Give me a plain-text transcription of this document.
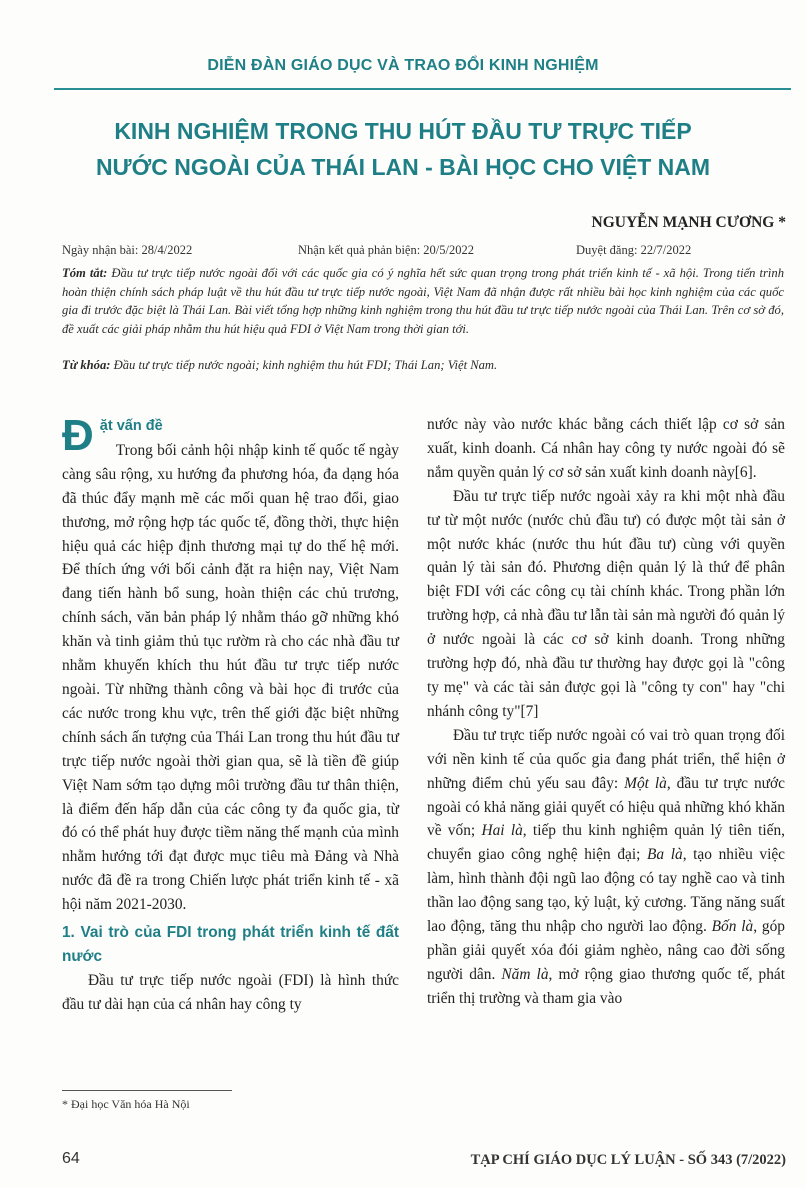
DIỄN ĐÀN GIÁO DỤC VÀ TRAO ĐỔI KINH NGHIỆM
KINH NGHIỆM TRONG THU HÚT ĐẦU TƯ TRỰC TIẾP
NƯỚC NGOÀI CỦA THÁI LAN - BÀI HỌC CHO VIỆT NAM
NGUYỄN MẠNH CƯƠNG *
Ngày nhận bài: 28/4/2022	Nhận kết quả phản biện: 20/5/2022	Duyệt đăng: 22/7/2022
Tóm tắt: Đầu tư trực tiếp nước ngoài đối với các quốc gia có ý nghĩa hết sức quan trọng trong phát triển kinh tế - xã hội. Trong tiến trình hoàn thiện chính sách pháp luật về thu hút đầu tư trực tiếp nước ngoài, Việt Nam đã nhận được rất nhiều bài học kinh nghiệm của các quốc gia đi trước đặc biệt là Thái Lan. Bài viết tổng hợp những kinh nghiệm trong thu hút đầu tư trực tiếp nước ngoài của Thái Lan. Trên cơ sở đó, đề xuất các giải pháp nhằm thu hút hiệu quả FDI ở Việt Nam trong thời gian tới.
Từ khóa: Đầu tư trực tiếp nước ngoài; kinh nghiệm thu hút FDI; Thái Lan; Việt Nam.

Đặt vấn đề

Trong bối cảnh hội nhập kinh tế quốc tế ngày càng sâu rộng, xu hướng đa phương hóa, đa dạng hóa đã thúc đẩy mạnh mẽ các mối quan hệ trao đổi, giao thương, mở rộng hợp tác quốc tế, đồng thời, thực hiện hiệu quả các hiệp định thương mại tự do thế hệ mới. Để thích ứng với bối cảnh đặt ra hiện nay, Việt Nam đang tiến hành bổ sung, hoàn thiện các chủ trương, chính sách, văn bản pháp lý nhằm tháo gỡ những khó khăn và tinh giảm thủ tục rườm rà cho các nhà đầu tư nhằm khuyến khích thu hút đầu tư trực tiếp nước ngoài. Từ những thành công và bài học đi trước của các nước trong khu vực, trên thế giới đặc biệt những chính sách ấn tượng của Thái Lan trong thu hút đầu tư trực tiếp nước ngoài thời gian qua, sẽ là tiền đề giúp Việt Nam sớm tạo dựng môi trường đầu tư thân thiện, là điểm đến hấp dẫn của các công ty đa quốc gia, từ đó có thể phát huy được tiềm năng thế mạnh của mình nhằm hướng tới đạt được mục tiêu mà Đảng và Nhà nước đã đề ra trong Chiến lược phát triển kinh tế - xã hội năm 2021-2030.

1. Vai trò của FDI trong phát triển kinh tế đất nước

Đầu tư trực tiếp nước ngoài (FDI) là hình thức đầu tư dài hạn của cá nhân hay công ty

nước này vào nước khác bằng cách thiết lập cơ sở sản xuất, kinh doanh. Cá nhân hay công ty nước ngoài đó sẽ nắm quyền quản lý cơ sở sản xuất kinh doanh này[6].

Đầu tư trực tiếp nước ngoài xảy ra khi một nhà đầu tư từ một nước (nước chủ đầu tư) có được một tài sản ở một nước khác (nước thu hút đầu tư) cùng với quyền quản lý tài sản đó. Phương diện quản lý là thứ để phân biệt FDI với các công cụ tài chính khác. Trong phần lớn trường hợp, cả nhà đầu tư lẫn tài sản mà người đó quản lý ở nước ngoài là các cơ sở kinh doanh. Trong những trường hợp đó, nhà đầu tư thường hay được gọi là "công ty mẹ" và các tài sản được gọi là "công ty con" hay "chi nhánh công ty"[7]

Đầu tư trực tiếp nước ngoài có vai trò quan trọng đối với nền kinh tế của quốc gia đang phát triển, thể hiện ở những điểm chủ yếu sau đây: Một là, đầu tư trực nước ngoài có khả năng giải quyết có hiệu quả những khó khăn về vốn; Hai là, tiếp thu kinh nghiệm quản lý tiên tiến, chuyển giao công nghệ hiện đại; Ba là, tạo nhiều việc làm, hình thành đội ngũ lao động có tay nghề cao và tinh thần lao động sang tạo, kỷ luật, kỷ cương. Tăng năng suất lao động, tăng thu nhập cho người lao động. Bốn là, góp phần giải quyết xóa đói giảm nghèo, nâng cao đời sống người dân. Năm là, mở rộng giao thương quốc tế, phát triển thị trường và tham gia vào

* Đại học Văn hóa Hà Nội
64	TẠP CHÍ GIÁO DỤC LÝ LUẬN - SỐ 343 (7/2022)
